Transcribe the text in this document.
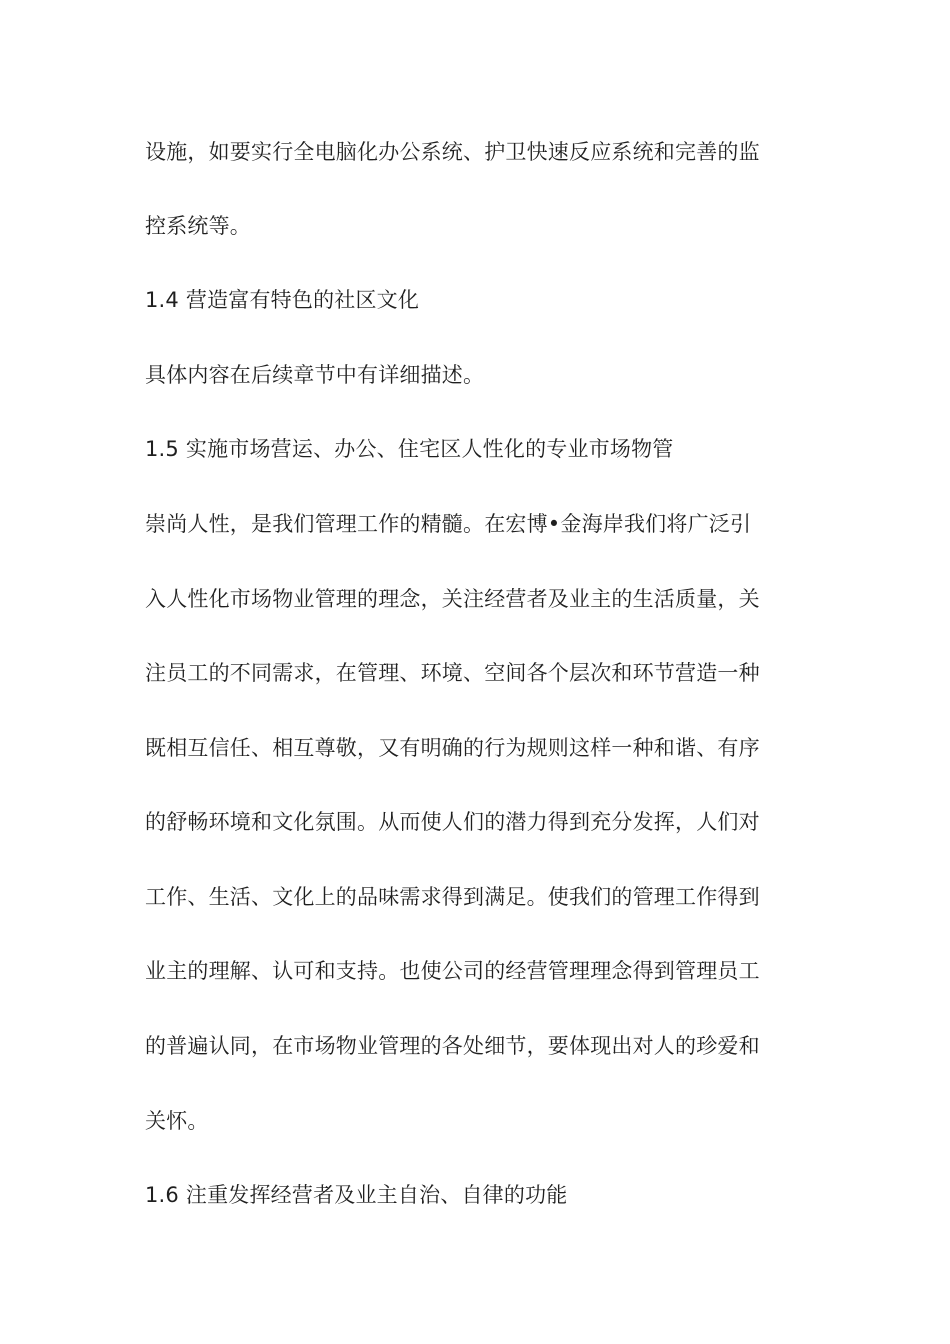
设施，如要实行全电脑化办公系统、护卫快速反应系统和完善的监
控系统等。
1.4 营造富有特色的社区文化
具体内容在后续章节中有详细描述。
1.5 实施市场营运、办公、住宅区人性化的专业市场物管
崇尚人性，是我们管理工作的精髓。在宏博•金海岸我们将广泛引
入人性化市场物业管理的理念，关注经营者及业主的生活质量，关
注员工的不同需求，在管理、环境、空间各个层次和环节营造一种
既相互信任、相互尊敬，又有明确的行为规则这样一种和谐、有序
的舒畅环境和文化氛围。从而使人们的潜力得到充分发挥，人们对
工作、生活、文化上的品味需求得到满足。使我们的管理工作得到
业主的理解、认可和支持。也使公司的经营管理理念得到管理员工
的普遍认同，在市场物业管理的各处细节，要体现出对人的珍爱和
关怀。
1.6 注重发挥经营者及业主自治、自律的功能
